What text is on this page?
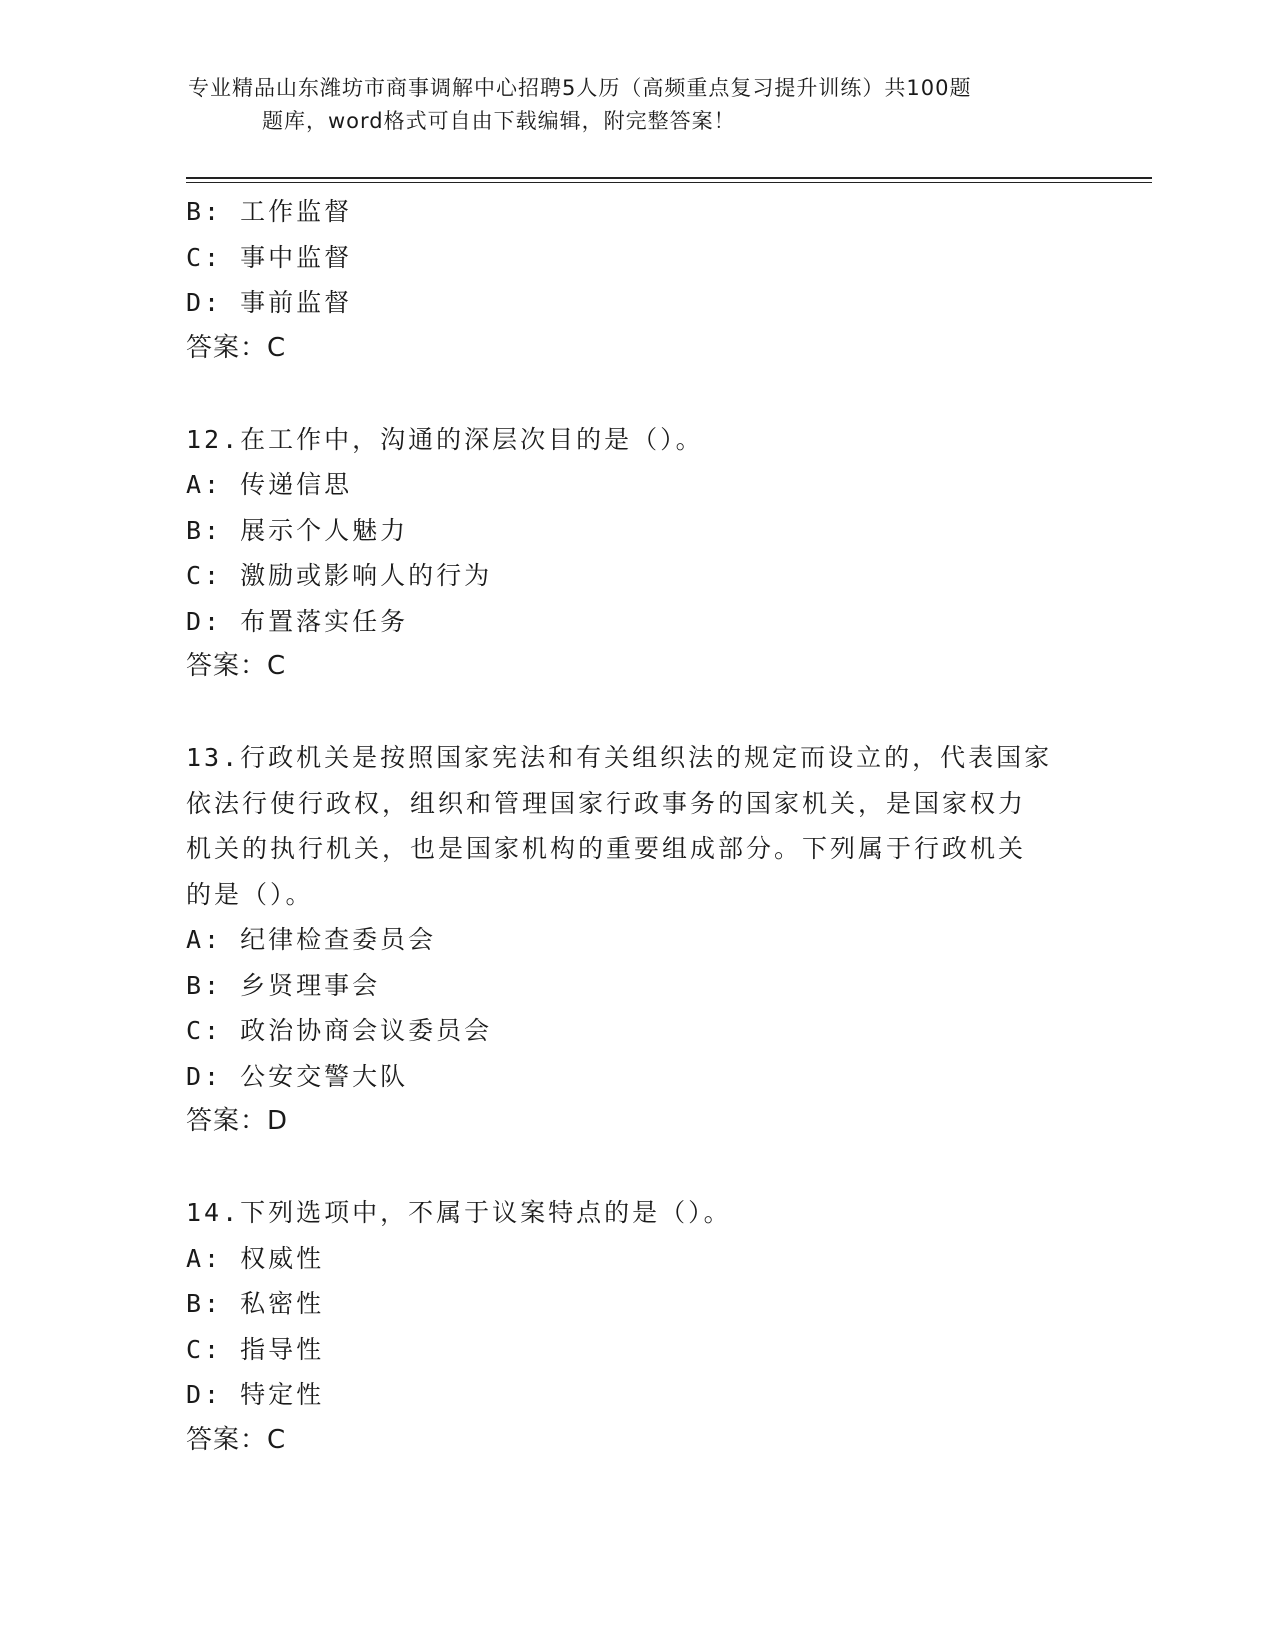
专业精品山东潍坊市商事调解中心招聘5人历（高频重点复习提升训练）共100题
题库，word格式可自由下载编辑，附完整答案！
B: 工作监督
C: 事中监督
D: 事前监督
答案：C
12.在工作中，沟通的深层次目的是（）。
A: 传递信思
B: 展示个人魅力
C: 激励或影响人的行为
D: 布置落实任务
答案：C
13.行政机关是按照国家宪法和有关组织法的规定而设立的，代表国家
依法行使行政权，组织和管理国家行政事务的国家机关，是国家权力
机关的执行机关，也是国家机构的重要组成部分。下列属于行政机关
的是（）。
A: 纪律检查委员会
B: 乡贤理事会
C: 政治协商会议委员会
D: 公安交警大队
答案：D
14.下列选项中，不属于议案特点的是（）。
A: 权威性
B: 私密性
C: 指导性
D: 特定性
答案：C
